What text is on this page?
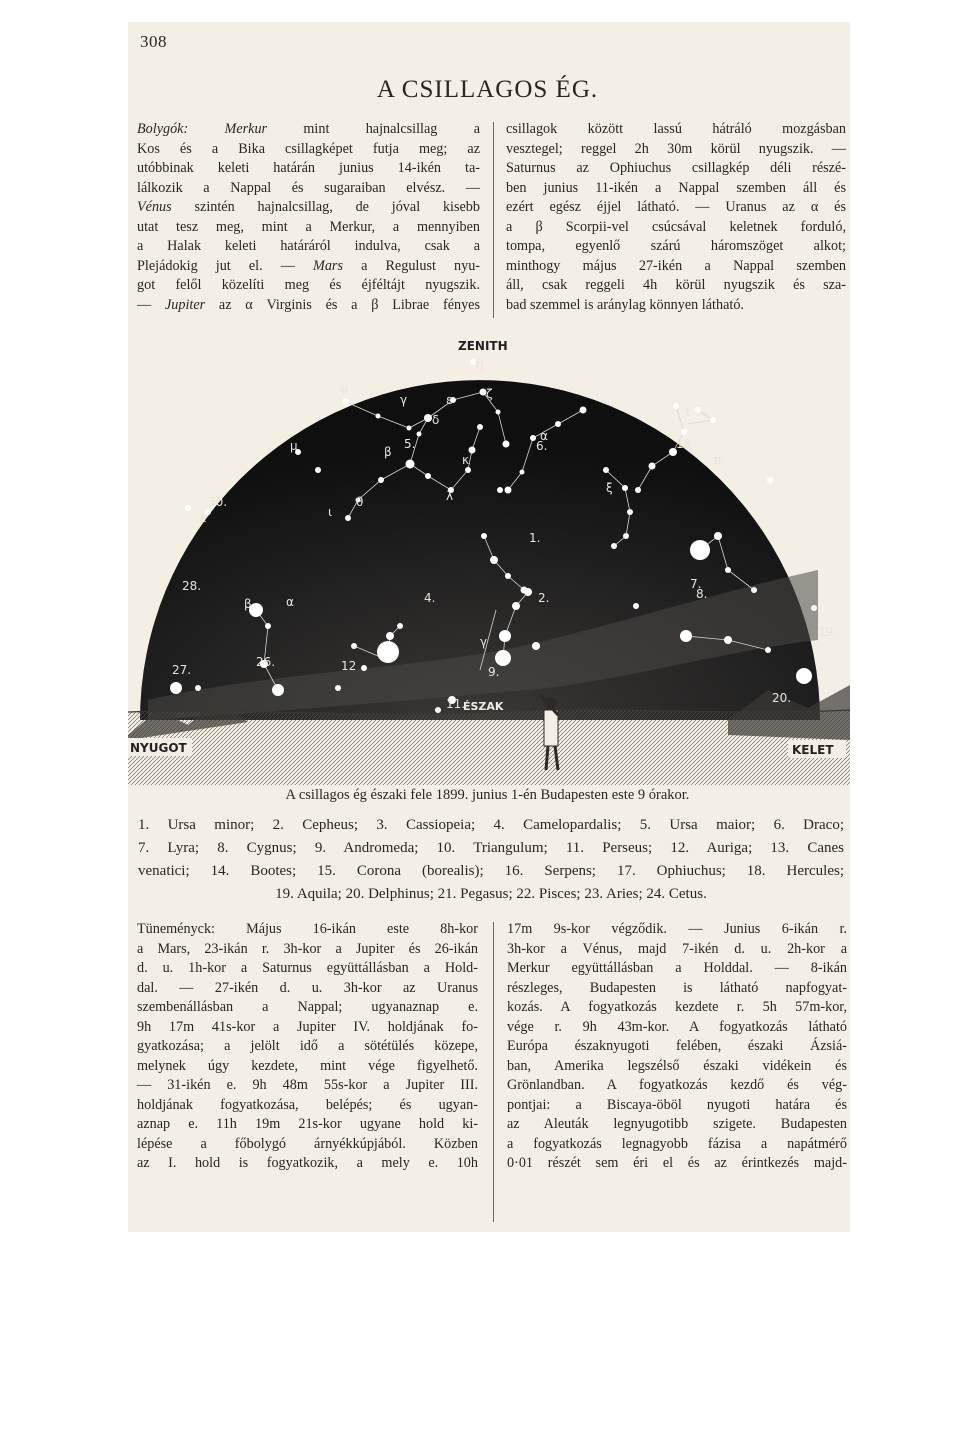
308
A CSILLAGOS ÉG.
Bolygók: Merkur mint hajnalcsillag a
Kos és a Bika csillagképet futja meg; az
utóbbinak keleti határán junius 14-ikén ta-
lálkozik a Nappal és sugaraiban elvész. —
Vénus szintén hajnalcsillag, de jóval kisebb
utat tesz meg, mint a Merkur, a mennyiben
a Halak keleti határáról indulva, csak a
Plejádokig jut el. — Mars a Regulust nyu-
got felől közelíti meg és éjféltájt nyugszik.
— Jupiter az α Virginis és a β Librae fényes
csillagok között lassú hátráló mozgásban
vesztegel; reggel 2h 30m körül nyugszik. —
Saturnus az Ophiuchus csillagkép déli részé-
ben junius 11-ikén a Nappal szemben áll és
ezért egész éjjel látható. — Uranus az α és
a β Scorpii-vel csúcsával keletnek forduló,
tompa, egyenlő szárú háromszöget alkot;
minthogy május 27-ikén a Nappal szemben
áll, csak reggeli 4h körül nyugszik és sza-
bad szemmel is aránylag könnyen látható.
1.
2.
4.
5.	6.
7.
8.
9.
11.
12
18.
19.
20.
26.
27.
28.
30.
η
ψ
γ	ε	ζ
δ
α
ι
κ
β
λ
μ
θ
τ
π
ξ
ε
γ
α
β
ZENITH
ÉSZAK
NYUGOT	KELET
A csillagos ég északi fele 1899. junius 1-én Budapesten este 9 órakor.
1. Ursa minor; 2. Cepheus; 3. Cassiopeia; 4. Camelopardalis; 5. Ursa maior; 6. Draco;
7. Lyra; 8. Cygnus; 9. Andromeda; 10. Triangulum; 11. Perseus; 12. Auriga; 13. Canes
venatici; 14. Bootes; 15. Corona (borealis); 16. Serpens; 17. Ophiuchus; 18. Hercules;
19. Aquila; 20. Delphinus; 21. Pegasus; 22. Pisces; 23. Aries; 24. Cetus.
Tüneményck: Május 16-ikán este 8h-kor
a Mars, 23-ikán r. 3h-kor a Jupiter és 26-ikán
d. u. 1h-kor a Saturnus együttállásban a Hold-
dal. — 27-ikén d. u. 3h-kor az Uranus
szembenállásban a Nappal; ugyanaznap e.
9h 17m 41s-kor a Jupiter IV. holdjának fo-
gyatkozása; a jelölt idő a sötétülés közepe,
melynek úgy kezdete, mint vége figyelhető.
— 31-ikén e. 9h 48m 55s-kor a Jupiter III.
holdjának fogyatkozása, belépés; és ugyan-
aznap e. 11h 19m 21s-kor ugyane hold ki-
lépése a főbolygó árnyékkúpjából. Közben
az I. hold is fogyatkozik, a mely e. 10h
17m 9s-kor végződik. — Junius 6-ikán r.
3h-kor a Vénus, majd 7-ikén d. u. 2h-kor a
Merkur együttállásban a Holddal. — 8-ikán
részleges, Budapesten is látható napfogyat-
kozás. A fogyatkozás kezdete r. 5h 57m-kor,
vége r. 9h 43m-kor. A fogyatkozás látható
Európa északnyugoti felében, északi Ázsiá-
ban, Amerika legszélső északi vidékein és
Grönlandban. A fogyatkozás kezdő és vég-
pontjai: a Biscaya-öböl nyugoti határa és
az Aleuták legnyugotibb szigete. Budapesten
a fogyatkozás legnagyobb fázisa a napátmérő
0·01 részét sem éri el és az érintkezés majd-
